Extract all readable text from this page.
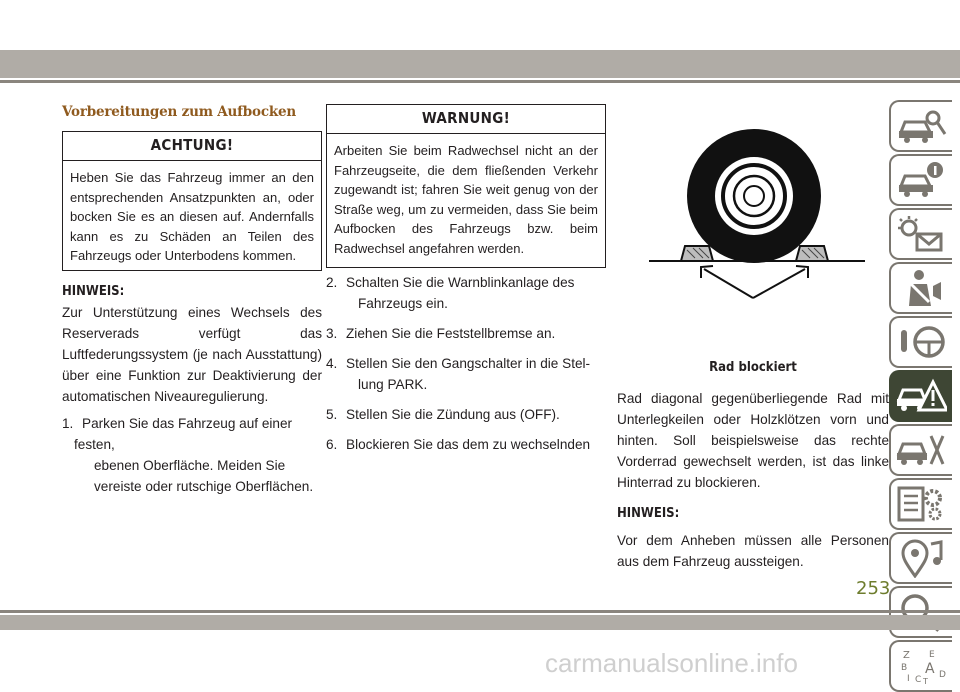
Vorbereitungen zum Aufbocken
ACHTUNG!
Heben Sie das Fahrzeug immer an den entsprechenden Ansatzpunkten an, oder bocken Sie es an diesen auf. Andernfalls kann es zu Schäden an Teilen des Fahrzeugs oder Unterbodens kommen.
HINWEIS:

Zur Unterstützung eines Wechsels des Reserverads verfügt das Luftfederungssystem (je nach Ausstattung) über eine Funktion zur Deaktivierung der automatischen Niveauregulierung.

1. Parken Sie das Fahrzeug auf einer festen,
ebenen Oberfläche. Meiden Sie vereiste oder rutschige Oberflächen.
WARNUNG!
Arbeiten Sie beim Radwechsel nicht an der Fahrzeugseite, die dem fließenden Verkehr zugewandt ist; fahren Sie weit genug von der Straße weg, um zu vermeiden, dass Sie beim Aufbocken des Fahrzeugs bzw. beim Radwechsel angefahren werden.
2. Schalten Sie die Warnblinkanlage des
Fahrzeugs ein.
3. Ziehen Sie die Feststellbremse an.
4. Stellen Sie den Gangschalter in die Stel-
lung PARK.
5. Stellen Sie die Zündung aus (OFF).
6. Blockieren Sie das dem zu wechselnden
Rad blockiert

Rad diagonal gegenüberliegende Rad mit Unterlegkeilen oder Holzklötzen vorn und hinten. Soll beispielsweise das rechte Vorderrad gewechselt werden, ist das linke Hinterrad zu blockieren.

HINWEIS:

Vor dem Anheben müssen alle Personen aus dem Fahrzeug aussteigen.

Z E
B A
I	D
C T
253
carmanualsonline.info
